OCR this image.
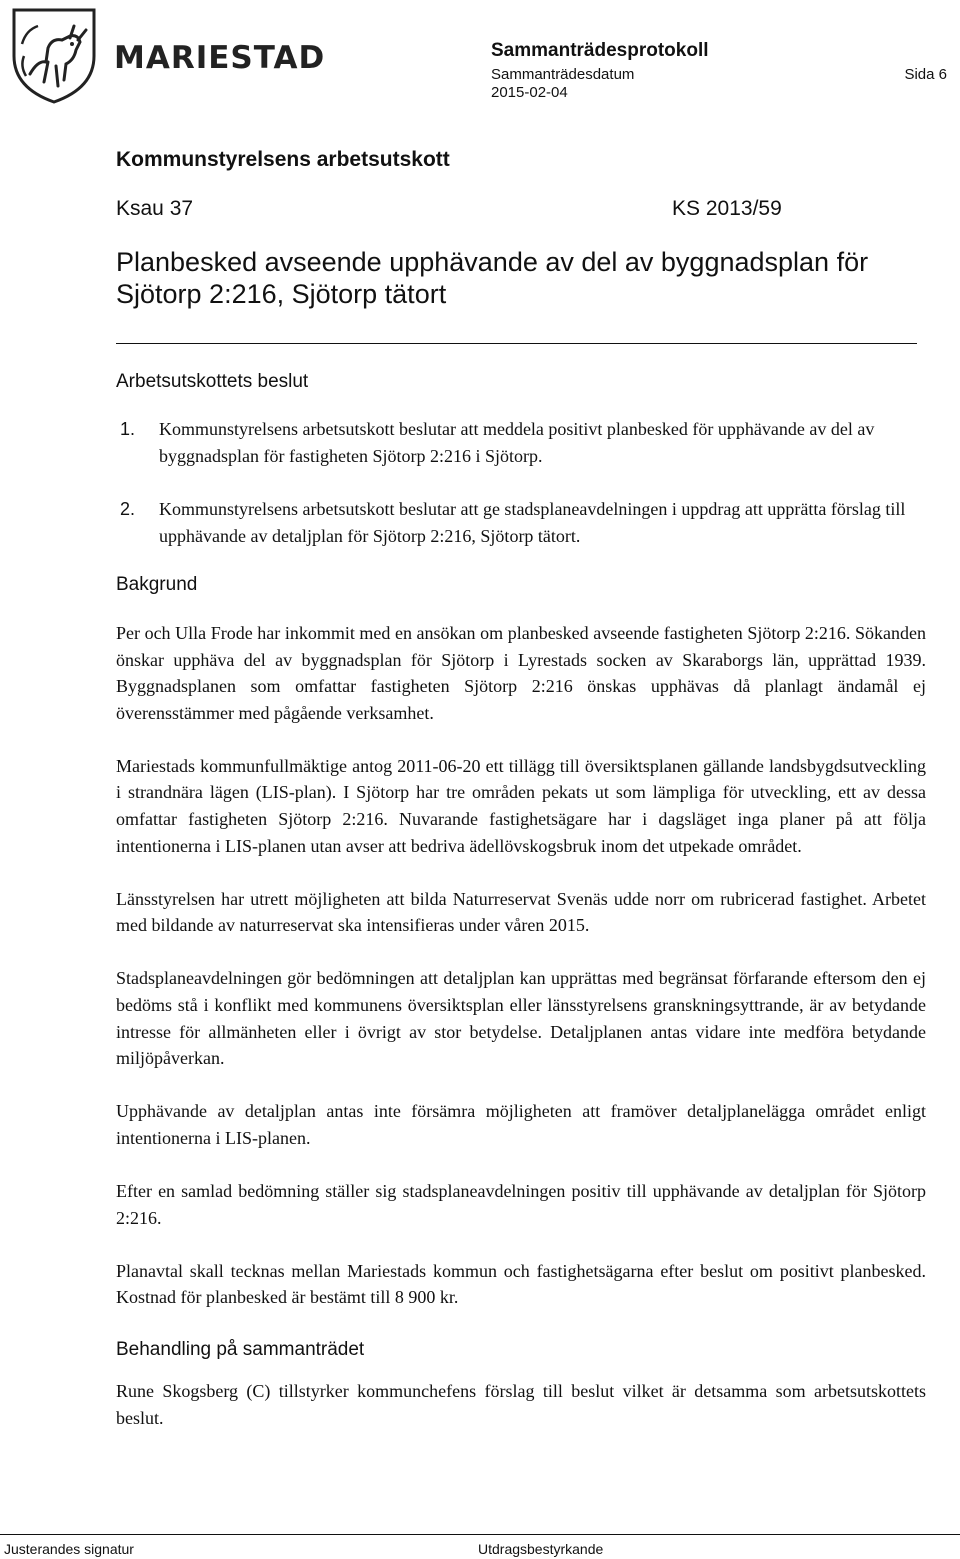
MARIESTAD	Sammanträdesprotokoll
Sammanträdesdatum
2015-02-04
Sida 6
Kommunstyrelsens arbetsutskott
Ksau 37	KS 2013/59
Planbesked avseende upphävande av del av byggnadsplan för Sjötorp 2:216, Sjötorp tätort
Arbetsutskottets beslut
1. Kommunstyrelsens arbetsutskott beslutar att meddela positivt planbesked för upphävande av del av byggnadsplan för fastigheten Sjötorp 2:216 i Sjötorp.
2. Kommunstyrelsens arbetsutskott beslutar att ge stadsplaneavdelningen i uppdrag att upprätta förslag till upphävande av detaljplan för Sjötorp 2:216, Sjötorp tätort.
Bakgrund

Per och Ulla Frode har inkommit med en ansökan om planbesked avseende fastigheten Sjötorp 2:216. Sökanden önskar upphäva del av byggnadsplan för Sjötorp i Lyrestads socken av Skaraborgs län, upprättad 1939. Byggnadsplanen som omfattar fastigheten Sjötorp 2:216 önskas upphävas då planlagt ändamål ej överensstämmer med pågående verksamhet.

Mariestads kommunfullmäktige antog 2011-06-20 ett tillägg till översiktsplanen gällande landsbygdsutveckling i strandnära lägen (LIS-plan). I Sjötorp har tre områden pekats ut som lämpliga för utveckling, ett av dessa omfattar fastigheten Sjötorp 2:216. Nuvarande fastighetsägare har i dagsläget inga planer på att följa intentionerna i LIS-planen utan avser att bedriva ädellövskogsbruk inom det utpekade området.

Länsstyrelsen har utrett möjligheten att bilda Naturreservat Svenäs udde norr om rubricerad fastighet. Arbetet med bildande av naturreservat ska intensifieras under våren 2015.

Stadsplaneavdelningen gör bedömningen att detaljplan kan upprättas med begränsat förfarande eftersom den ej bedöms stå i konflikt med kommunens översiktsplan eller länsstyrelsens granskningsyttrande, är av betydande intresse för allmänheten eller i övrigt av stor betydelse. Detaljplanen antas vidare inte medföra betydande miljöpåverkan.

Upphävande av detaljplan antas inte försämra möjligheten att framöver detaljplanelägga området enligt intentionerna i LIS-planen.

Efter en samlad bedömning ställer sig stadsplaneavdelningen positiv till upphävande av detaljplan för Sjötorp 2:216.

Planavtal skall tecknas mellan Mariestads kommun och fastighetsägarna efter beslut om positivt planbesked. Kostnad för planbesked är bestämt till 8 900 kr.

Behandling på sammanträdet

Rune Skogsberg (C) tillstyrker kommunchefens förslag till beslut vilket är detsamma som arbetsutskottets beslut.

Justerandes signatur	Utdragsbestyrkande
